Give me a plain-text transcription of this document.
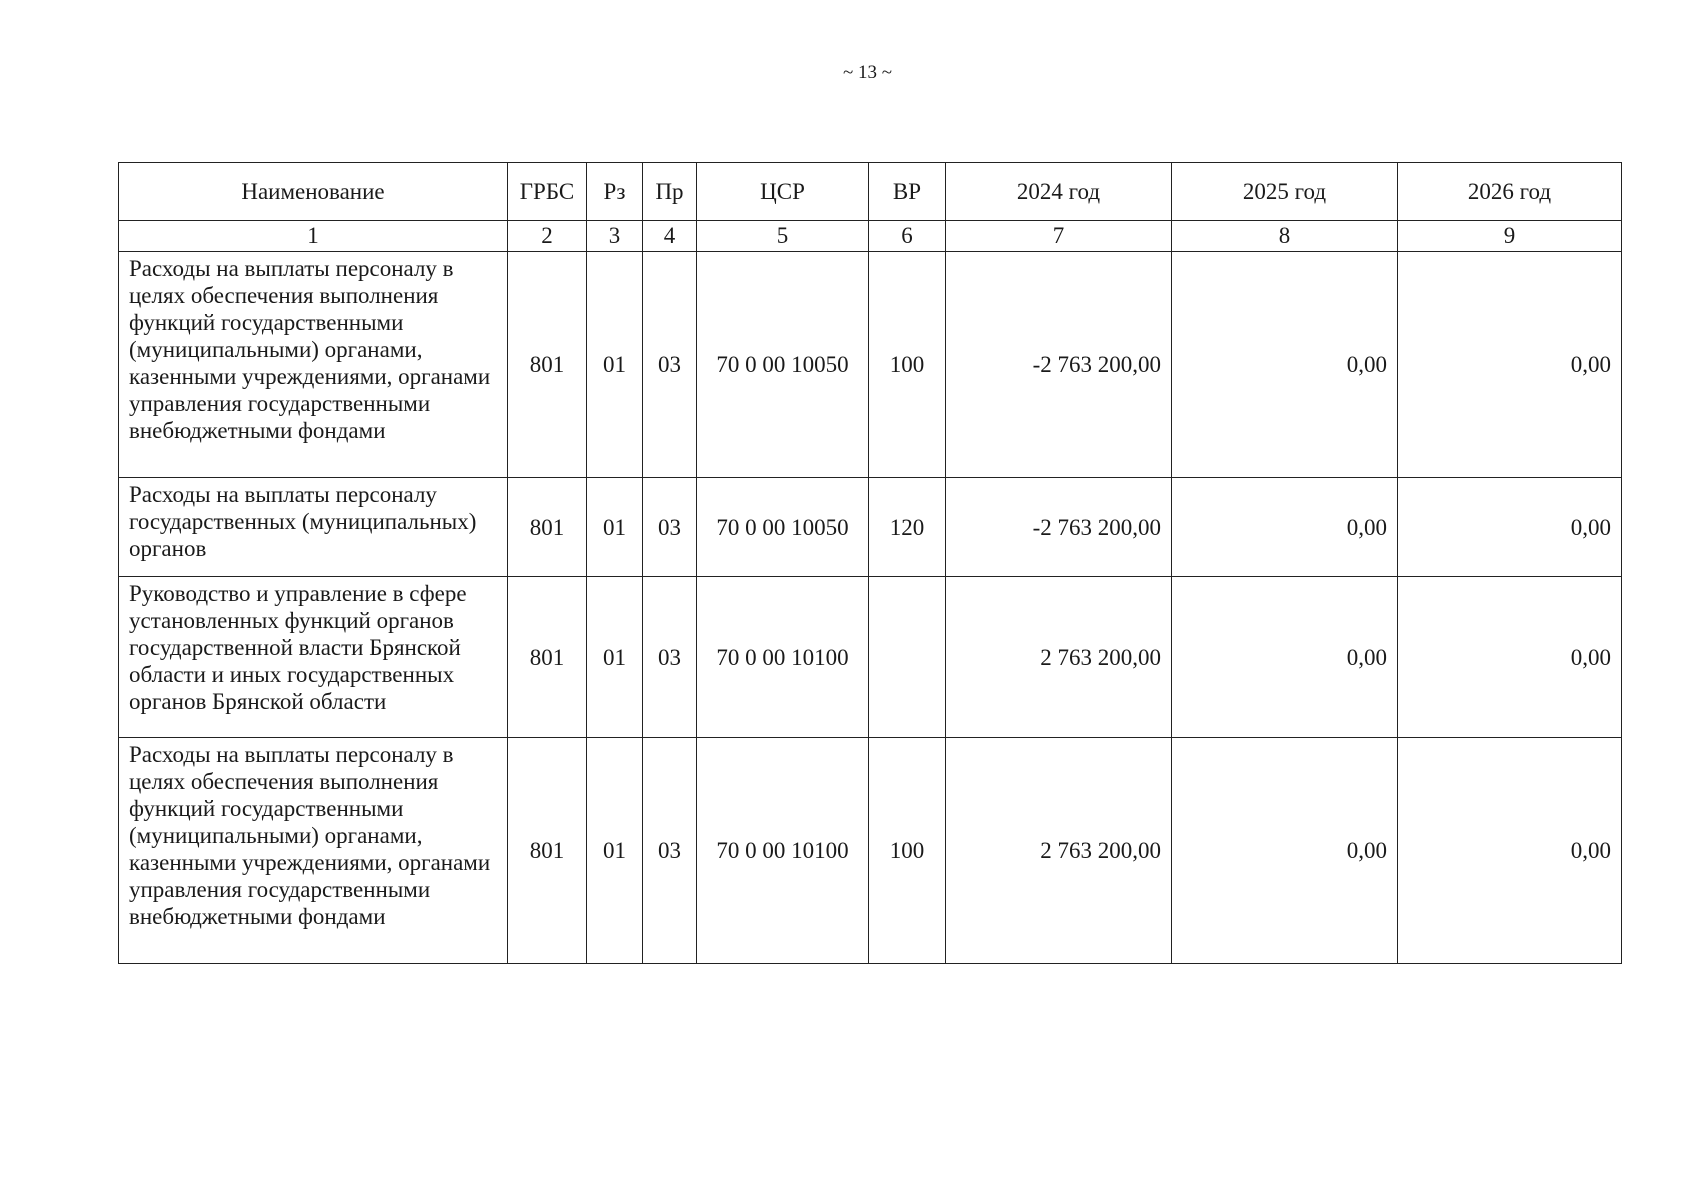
~ 13 ~
Наименование	ГРБС	Рз	Пр	ЦСР	ВР	2024 год	2025 год	2026 год
1	2	3	4	5	6	7	8	9
Расходы на выплаты персоналу в целях обеспечения выполнения функций государственными (муниципальными) органами, казенными учреждениями, органами управления государственными внебюджетными фондами	801	01	03	70 0 00 10050	100	-2 763 200,00	0,00	0,00
Расходы на выплаты персоналу государственных (муниципальных) органов	801	01	03	70 0 00 10050	120	-2 763 200,00	0,00	0,00
Руководство и управление в сфере установленных функций органов государственной власти Брянской области и иных государственных органов Брянской области	801	01	03	70 0 00 10100		2 763 200,00	0,00	0,00
Расходы на выплаты персоналу в целях обеспечения выполнения функций государственными (муниципальными) органами, казенными учреждениями, органами управления государственными внебюджетными фондами	801	01	03	70 0 00 10100	100	2 763 200,00	0,00	0,00
